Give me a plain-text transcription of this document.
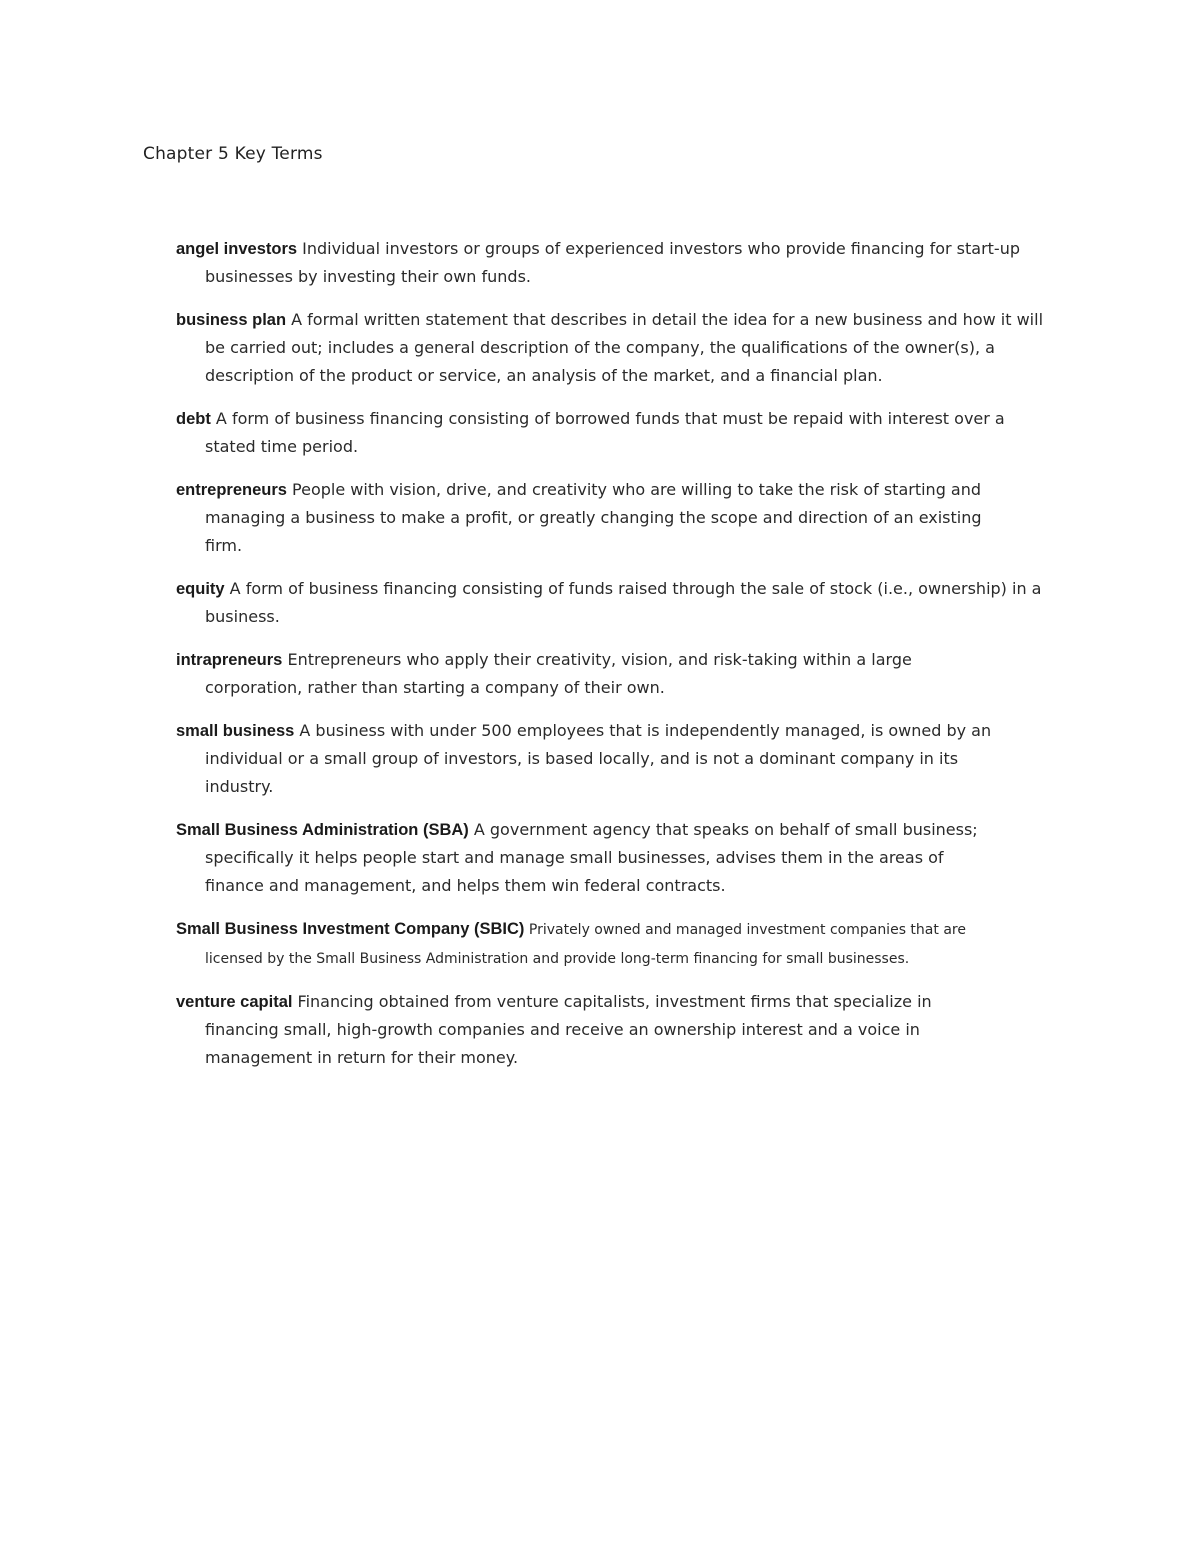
Chapter 5 Key Terms

angel investors Individual investors or groups of experienced investors who provide financing for start-up businesses by investing their own funds.

business plan A formal written statement that describes in detail the idea for a new business and how it will be carried out; includes a general description of the company, the qualifications of the owner(s), a description of the product or service, an analysis of the market, and a financial plan.

debt A form of business financing consisting of borrowed funds that must be repaid with interest over a stated time period.

entrepreneurs People with vision, drive, and creativity who are willing to take the risk of starting and managing a business to make a profit, or greatly changing the scope and direction of an existing firm.

equity A form of business financing consisting of funds raised through the sale of stock (i.e., ownership) in a business.

intrapreneurs Entrepreneurs who apply their creativity, vision, and risk-taking within a large corporation, rather than starting a company of their own.

small business A business with under 500 employees that is independently managed, is owned by an individual or a small group of investors, is based locally, and is not a dominant company in its industry.

Small Business Administration (SBA) A government agency that speaks on behalf of small business; specifically it helps people start and manage small businesses, advises them in the areas of finance and management, and helps them win federal contracts.

Small Business Investment Company (SBIC) Privately owned and managed investment companies that are licensed by the Small Business Administration and provide long-term financing for small businesses.

venture capital Financing obtained from venture capitalists, investment firms that specialize in financing small, high-growth companies and receive an ownership interest and a voice in management in return for their money.
